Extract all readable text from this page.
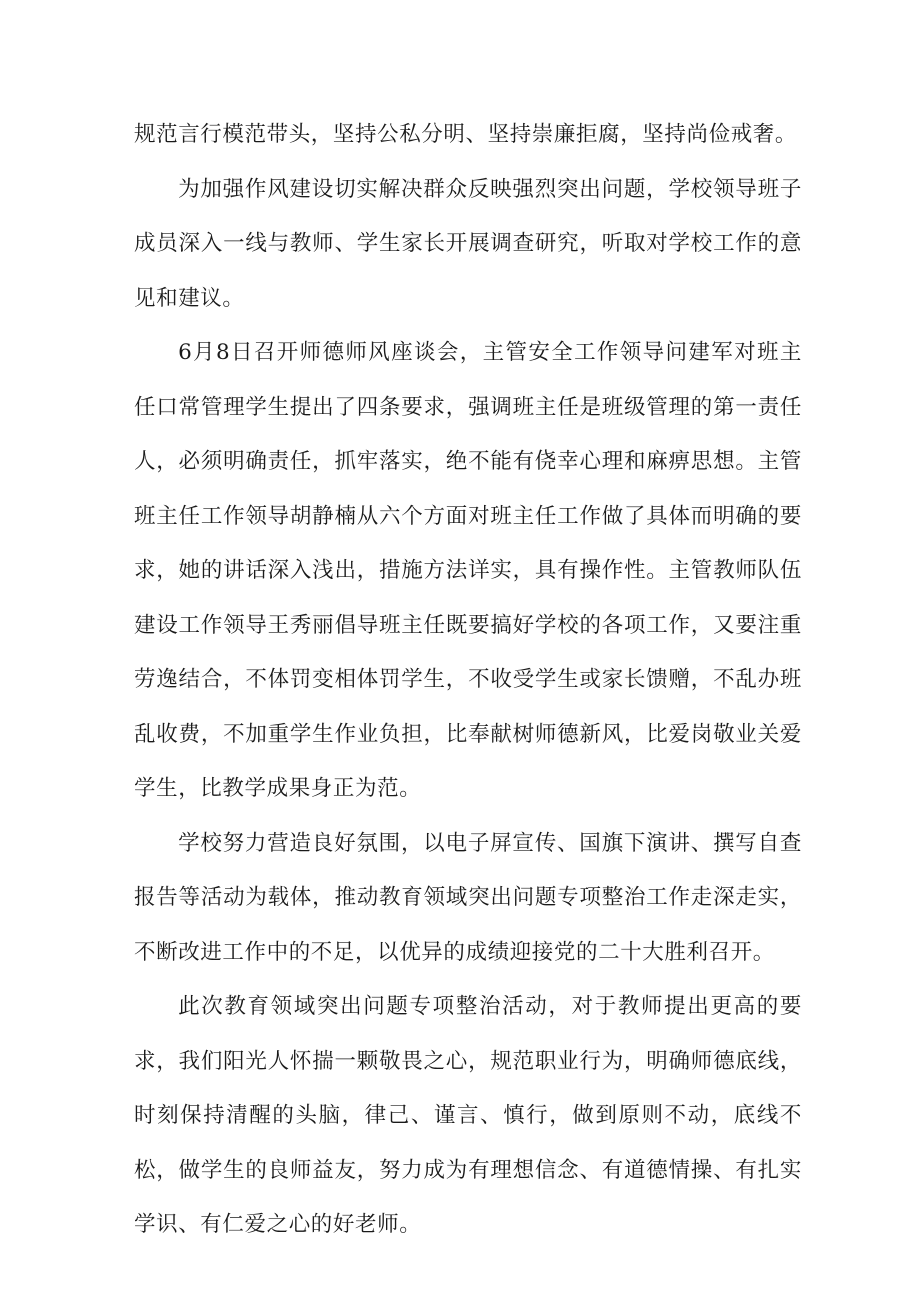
规范言行模范带头，坚持公私分明、坚持崇廉拒腐，坚持尚俭戒奢。

为加强作风建设切实解决群众反映强烈突出问题，学校领导班子成员深入一线与教师、学生家长开展调查研究，听取对学校工作的意见和建议。

6月8日召开师德师风座谈会，主管安全工作领导问建军对班主任口常管理学生提出了四条要求，强调班主任是班级管理的第一责任人，必须明确责任，抓牢落实，绝不能有侥幸心理和麻痹思想。主管班主任工作领导胡静楠从六个方面对班主任工作做了具体而明确的要求，她的讲话深入浅出，措施方法详实，具有操作性。主管教师队伍建设工作领导王秀丽倡导班主任既要搞好学校的各项工作，又要注重劳逸结合，不体罚变相体罚学生，不收受学生或家长馈赠，不乱办班乱收费，不加重学生作业负担，比奉献树师德新风，比爱岗敬业关爱学生，比教学成果身正为范。

学校努力营造良好氛围，以电子屏宣传、国旗下演讲、撰写自查报告等活动为载体，推动教育领域突出问题专项整治工作走深走实，不断改进工作中的不足，以优异的成绩迎接党的二十大胜利召开。

此次教育领域突出问题专项整治活动，对于教师提出更高的要求，我们阳光人怀揣一颗敬畏之心，规范职业行为，明确师德底线，时刻保持清醒的头脑，律己、谨言、慎行，做到原则不动，底线不松，做学生的良师益友，努力成为有理想信念、有道德情操、有扎实学识、有仁爱之心的好老师。
